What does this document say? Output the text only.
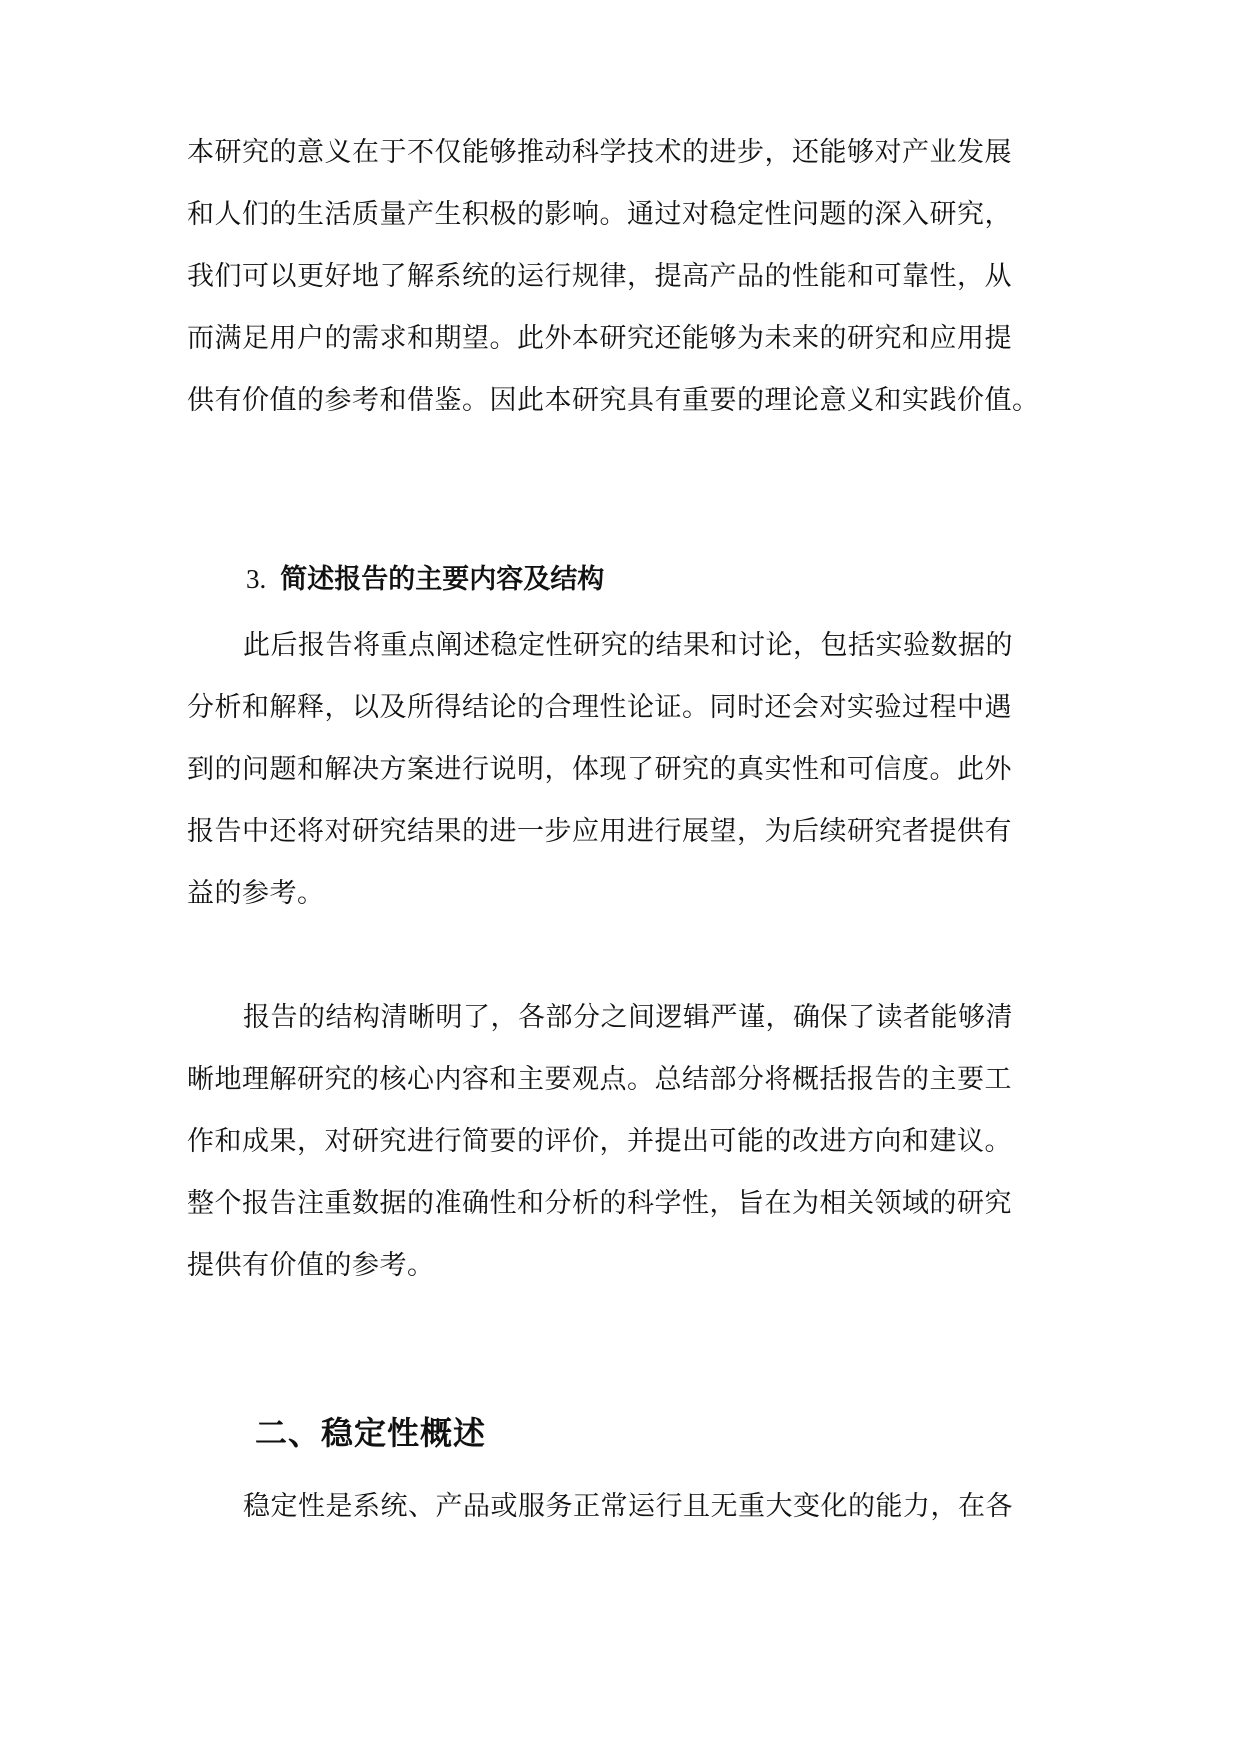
本研究的意义在于不仅能够推动科学技术的进步，还能够对产业发展
和人们的生活质量产生积极的影响。通过对稳定性问题的深入研究，
我们可以更好地了解系统的运行规律，提高产品的性能和可靠性，从
而满足用户的需求和期望。此外本研究还能够为未来的研究和应用提
供有价值的参考和借鉴。因此本研究具有重要的理论意义和实践价值。
3. 简述报告的主要内容及结构
此后报告将重点阐述稳定性研究的结果和讨论，包括实验数据的
分析和解释，以及所得结论的合理性论证。同时还会对实验过程中遇
到的问题和解决方案进行说明，体现了研究的真实性和可信度。此外
报告中还将对研究结果的进一步应用进行展望，为后续研究者提供有
益的参考。
报告的结构清晰明了，各部分之间逻辑严谨，确保了读者能够清
晰地理解研究的核心内容和主要观点。总结部分将概括报告的主要工
作和成果，对研究进行简要的评价，并提出可能的改进方向和建议。
整个报告注重数据的准确性和分析的科学性，旨在为相关领域的研究
提供有价值的参考。
二、稳定性概述
稳定性是系统、产品或服务正常运行且无重大变化的能力，在各
